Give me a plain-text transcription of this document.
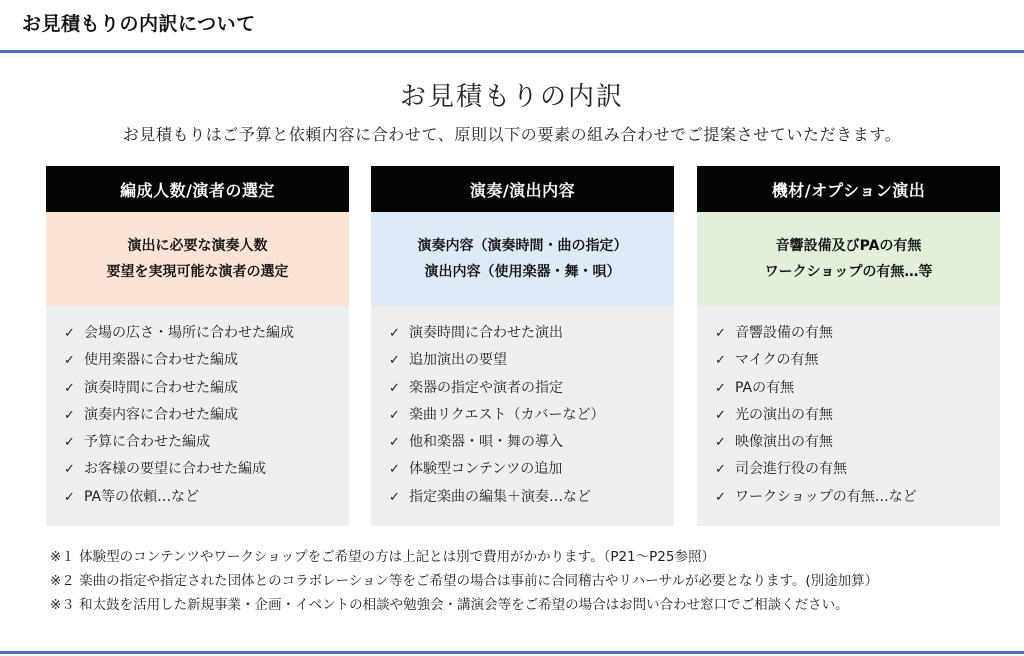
お見積もりの内訳について
お見積もりの内訳
お見積もりはご予算と依頼内容に合わせて、原則以下の要素の組み合わせでご提案させていただきます。
編成人数/演者の選定
演出に必要な演奏人数
要望を実現可能な演者の選定
✓ 会場の広さ・場所に合わせた編成
✓ 使用楽器に合わせた編成
✓ 演奏時間に合わせた編成
✓ 演奏内容に合わせた編成
✓ 予算に合わせた編成
✓ お客様の要望に合わせた編成
✓ PA等の依頼…など
演奏/演出内容
演奏内容（演奏時間・曲の指定）
演出内容（使用楽器・舞・唄）
✓ 演奏時間に合わせた演出
✓ 追加演出の要望
✓ 楽器の指定や演者の指定
✓ 楽曲リクエスト（カバーなど）
✓ 他和楽器・唄・舞の導入
✓ 体験型コンテンツの追加
✓ 指定楽曲の編集＋演奏…など
機材/オプション演出
音響設備及びPAの有無
ワークショップの有無…等
✓ 音響設備の有無
✓ マイクの有無
✓ PAの有無
✓ 光の演出の有無
✓ 映像演出の有無
✓ 司会進行役の有無
✓ ワークショップの有無…など
※１ 体験型のコンテンツやワークショップをご希望の方は上記とは別で費用がかかります。（P21〜P25参照）
※２ 楽曲の指定や指定された団体とのコラボレーション等をご希望の場合は事前に合同稽古やリハーサルが必要となります。(別途加算）
※３ 和太鼓を活用した新規事業・企画・イベントの相談や勉強会・講演会等をご希望の場合はお問い合わせ窓口でご相談ください。
